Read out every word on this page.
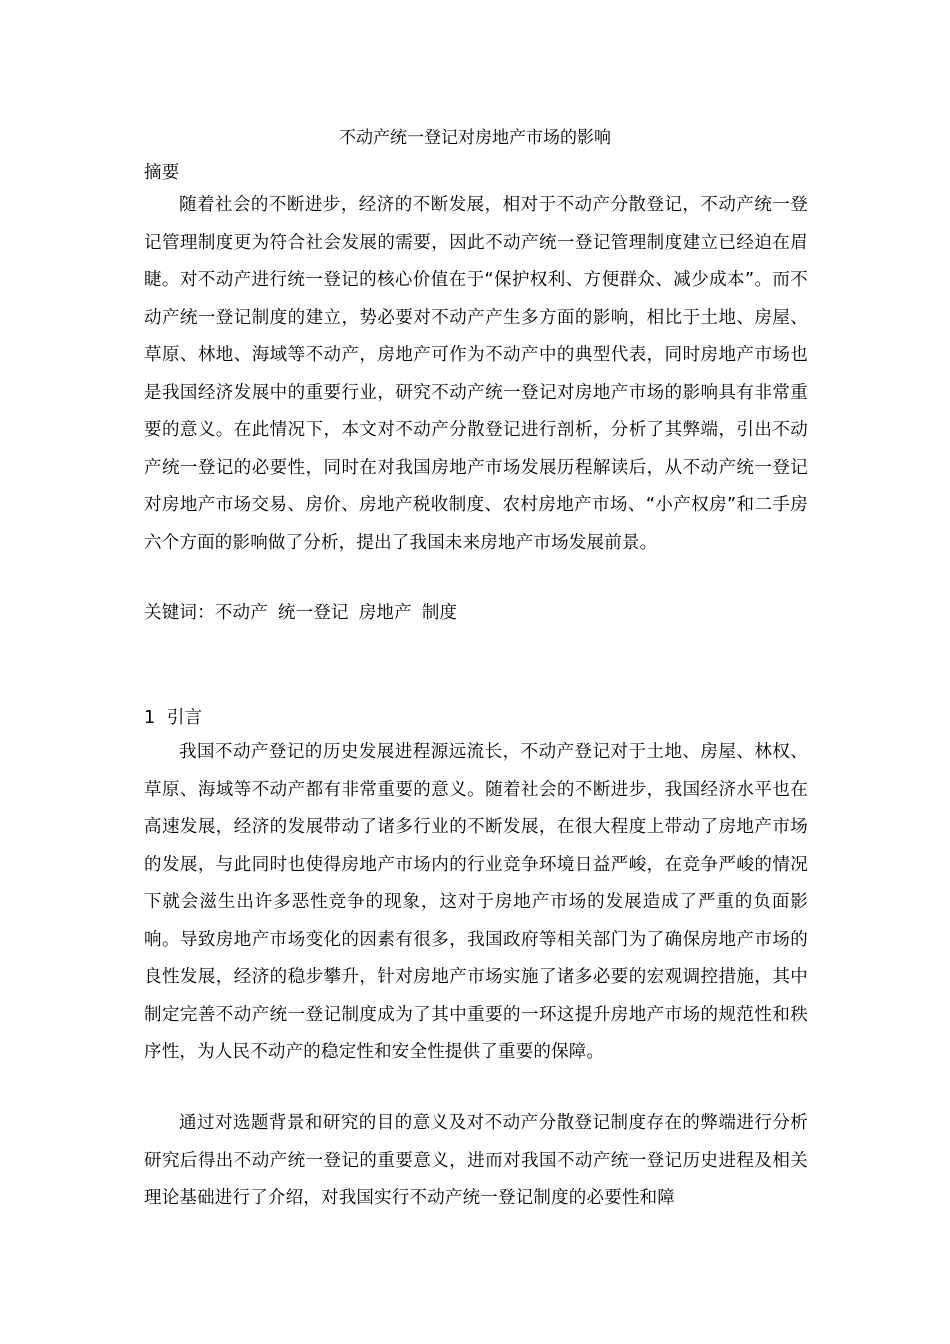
不动产统一登记对房地产市场的影响
摘要
随着社会的不断进步，经济的不断发展，相对于不动产分散登记，不动产统一登记管理制度更为符合社会发展的需要，因此不动产统一登记管理制度建立已经迫在眉睫。对不动产进行统一登记的核心价值在于“保护权利、方便群众、减少成本”。而不动产统一登记制度的建立，势必要对不动产产生多方面的影响，相比于土地、房屋、草原、林地、海域等不动产，房地产可作为不动产中的典型代表，同时房地产市场也是我国经济发展中的重要行业，研究不动产统一登记对房地产市场的影响具有非常重要的意义。在此情况下，本文对不动产分散登记进行剖析，分析了其弊端，引出不动产统一登记的必要性，同时在对我国房地产市场发展历程解读后，从不动产统一登记对房地产市场交易、房价、房地产税收制度、农村房地产市场、“小产权房”和二手房六个方面的影响做了分析，提出了我国未来房地产市场发展前景。
关键词：不动产 统一登记 房地产 制度
1  引言
我国不动产登记的历史发展进程源远流长，不动产登记对于土地、房屋、林权、草原、海域等不动产都有非常重要的意义。随着社会的不断进步，我国经济水平也在高速发展，经济的发展带动了诸多行业的不断发展，在很大程度上带动了房地产市场的发展，与此同时也使得房地产市场内的行业竞争环境日益严峻，在竞争严峻的情况下就会滋生出许多恶性竞争的现象，这对于房地产市场的发展造成了严重的负面影响。导致房地产市场变化的因素有很多，我国政府等相关部门为了确保房地产市场的良性发展，经济的稳步攀升，针对房地产市场实施了诸多必要的宏观调控措施，其中制定完善不动产统一登记制度成为了其中重要的一环这提升房地产市场的规范性和秩序性，为人民不动产的稳定性和安全性提供了重要的保障。
通过对选题背景和研究的目的意义及对不动产分散登记制度存在的弊端进行分析研究后得出不动产统一登记的重要意义，进而对我国不动产统一登记历史进程及相关理论基础进行了介绍，对我国实行不动产统一登记制度的必要性和障
